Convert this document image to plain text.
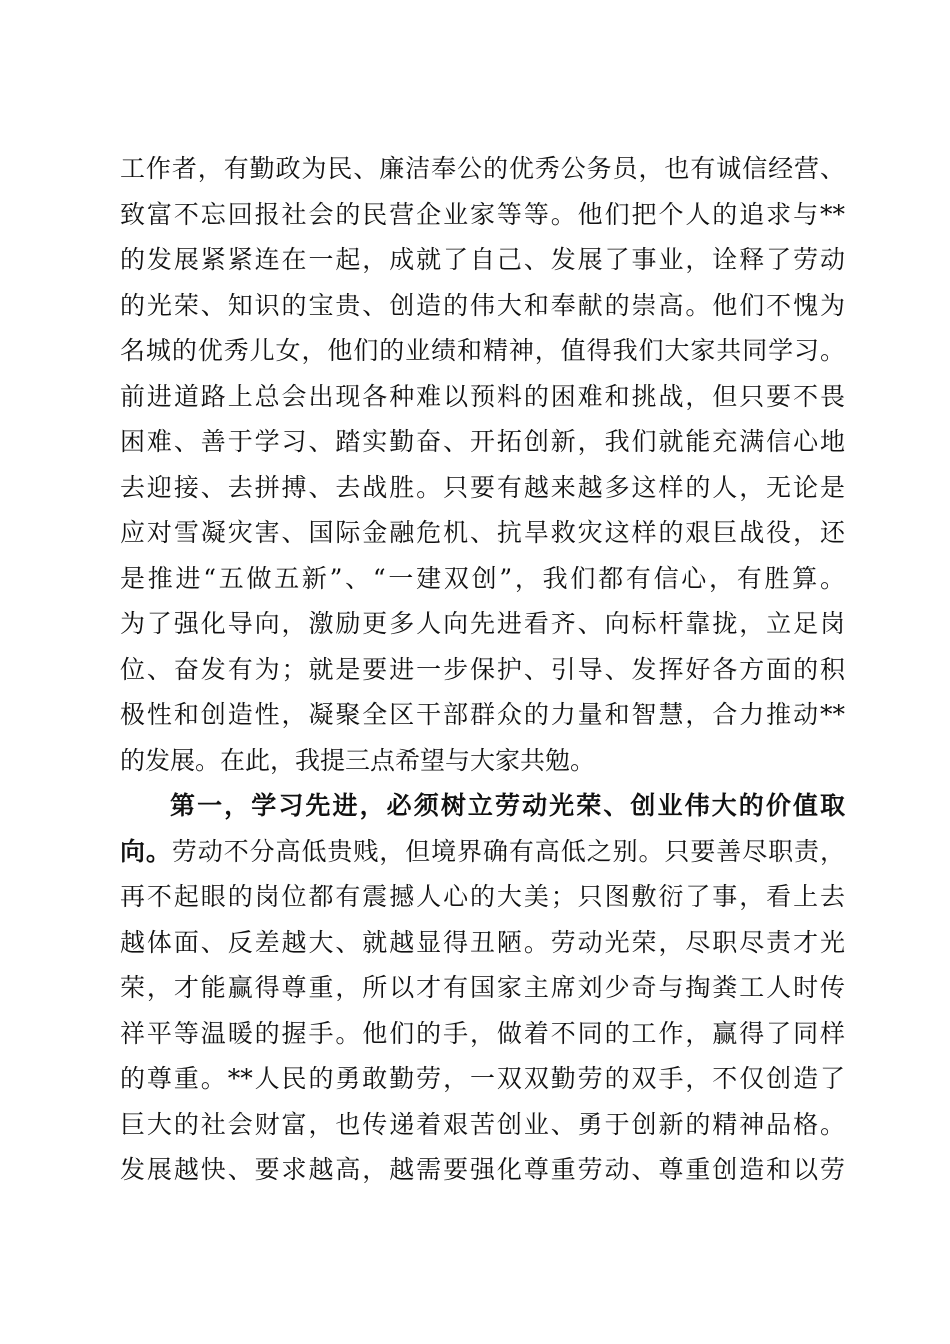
工作者，有勤政为民、廉洁奉公的优秀公务员，也有诚信经营、
致富不忘回报社会的民营企业家等等。他们把个人的追求与**
的发展紧紧连在一起，成就了自己、发展了事业，诠释了劳动
的光荣、知识的宝贵、创造的伟大和奉献的崇高。他们不愧为
名城的优秀儿女，他们的业绩和精神，值得我们大家共同学习。
前进道路上总会出现各种难以预料的困难和挑战，但只要不畏
困难、善于学习、踏实勤奋、开拓创新，我们就能充满信心地
去迎接、去拼搏、去战胜。只要有越来越多这样的人，无论是
应对雪凝灾害、国际金融危机、抗旱救灾这样的艰巨战役，还
是推进“五做五新”、“一建双创”，我们都有信心，有胜算。
为了强化导向，激励更多人向先进看齐、向标杆靠拢，立足岗
位、奋发有为；就是要进一步保护、引导、发挥好各方面的积
极性和创造性，凝聚全区干部群众的力量和智慧，合力推动**
的发展。在此，我提三点希望与大家共勉。
第一，学习先进，必须树立劳动光荣、创业伟大的价值取
向。劳动不分高低贵贱，但境界确有高低之别。只要善尽职责，
再不起眼的岗位都有震撼人心的大美；只图敷衍了事，看上去
越体面、反差越大、就越显得丑陋。劳动光荣，尽职尽责才光
荣，才能赢得尊重，所以才有国家主席刘少奇与掏粪工人时传
祥平等温暖的握手。他们的手，做着不同的工作，赢得了同样
的尊重。**人民的勇敢勤劳，一双双勤劳的双手，不仅创造了
巨大的社会财富，也传递着艰苦创业、勇于创新的精神品格。
发展越快、要求越高，越需要强化尊重劳动、尊重创造和以劳
